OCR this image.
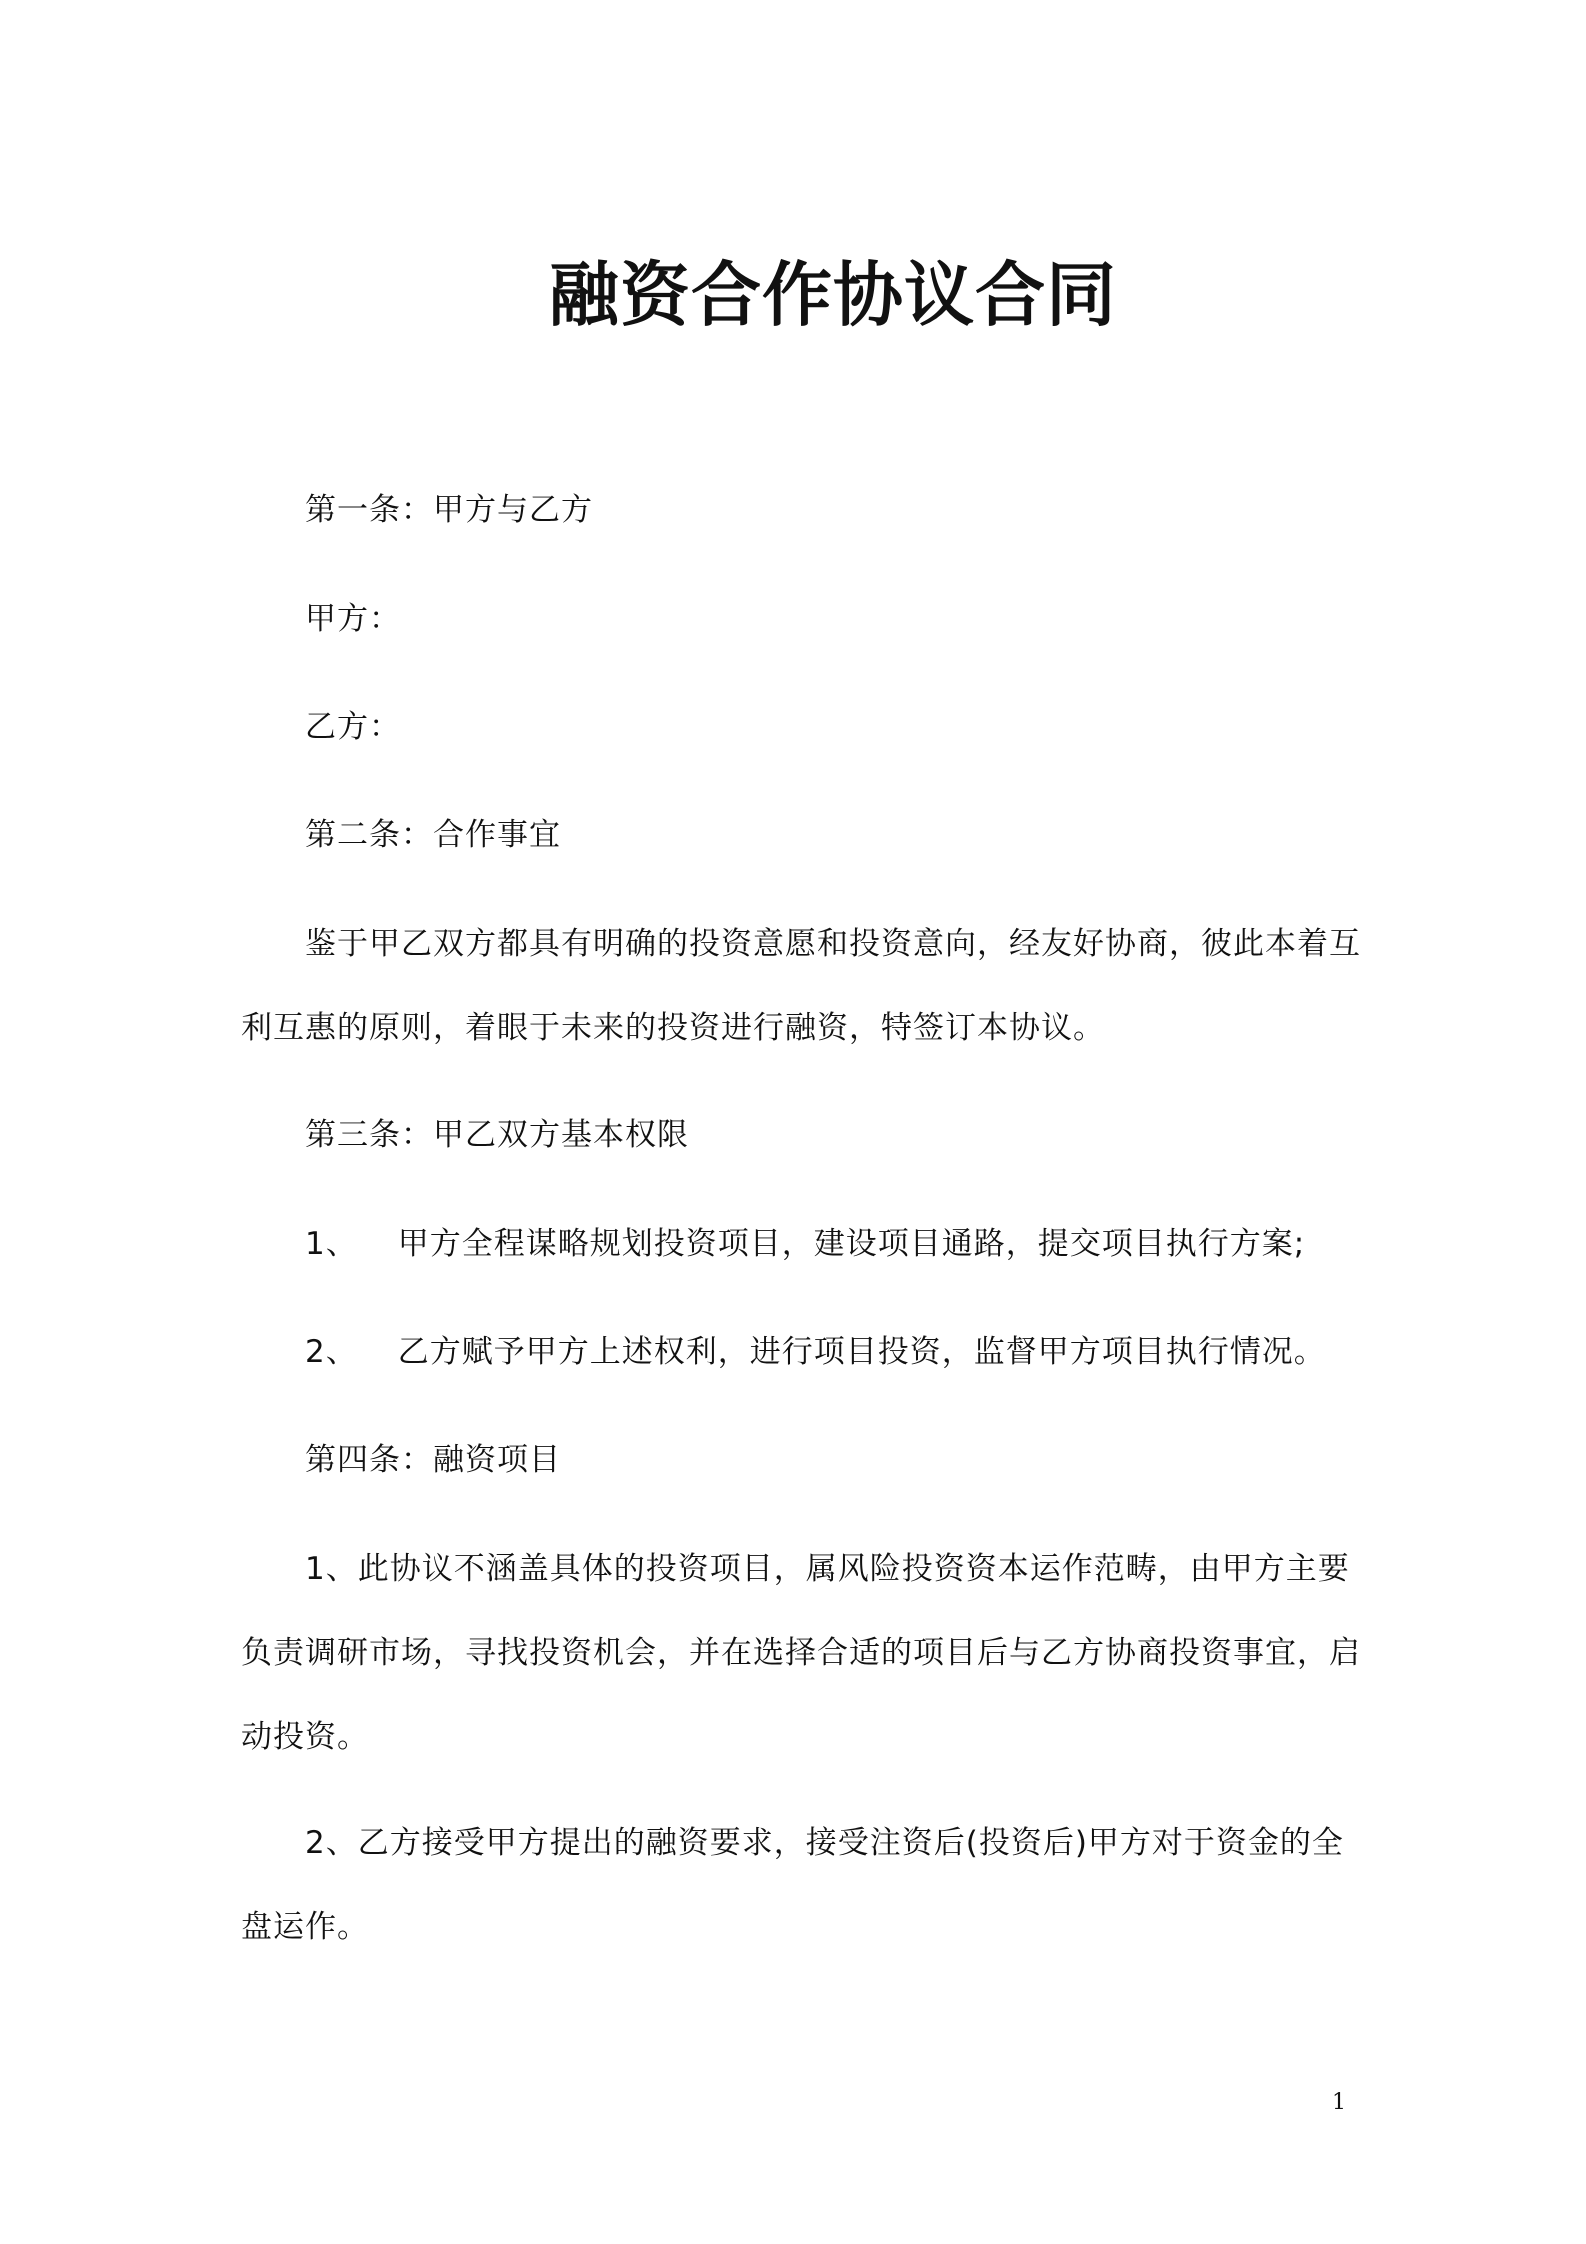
融资合作协议合同

第一条：甲方与乙方

甲方：

乙方：

第二条：合作事宜

鉴于甲乙双方都具有明确的投资意愿和投资意向，经友好协商，彼此本着互

利互惠的原则，着眼于未来的投资进行融资，特签订本协议。

第三条：甲乙双方基本权限

1、 甲方全程谋略规划投资项目，建设项目通路，提交项目执行方案;
2、 乙方赋予甲方上述权利，进行项目投资，监督甲方项目执行情况。

第四条：融资项目

1、此协议不涵盖具体的投资项目，属风险投资资本运作范畴，由甲方主要

负责调研市场，寻找投资机会，并在选择合适的项目后与乙方协商投资事宜，启

动投资。

2、乙方接受甲方提出的融资要求，接受注资后(投资后)甲方对于资金的全

盘运作。

1
